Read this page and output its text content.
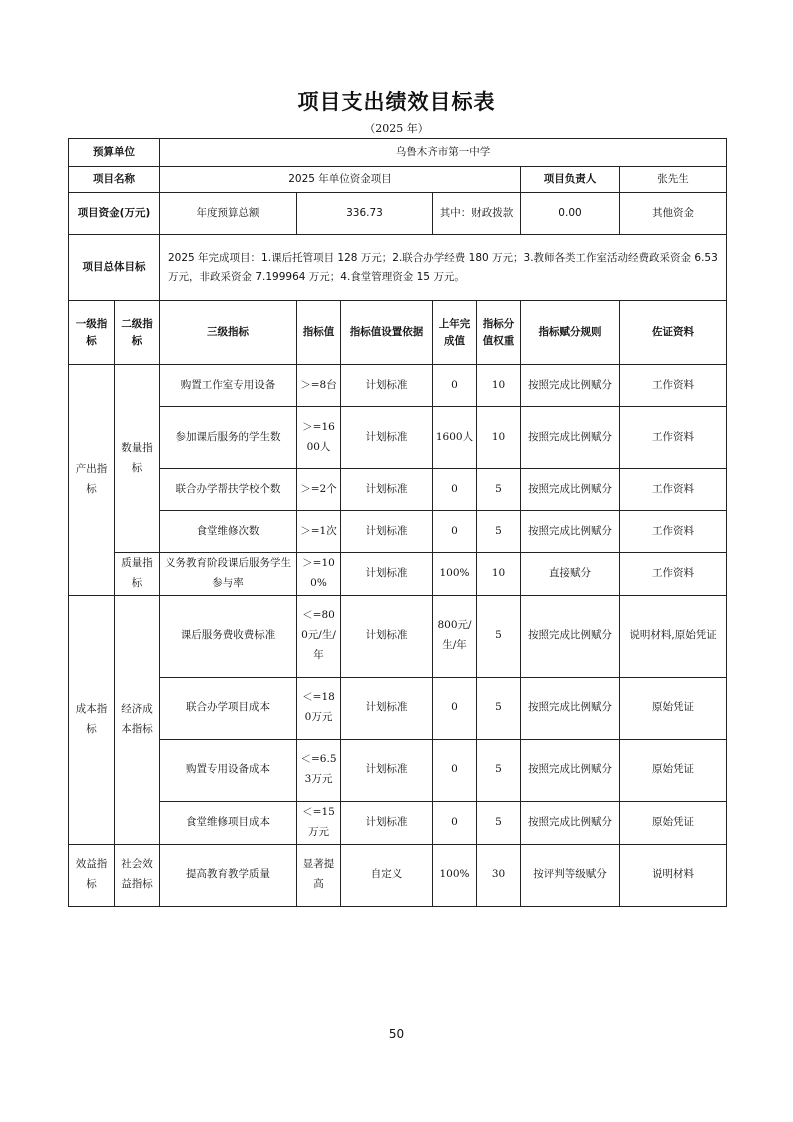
项目支出绩效目标表
（2025 年）
预算单位		乌鲁木齐市第一中学						
项目名称		2025 年单位资金项目					项目负责人	张先生
项目资金(万元)		年度预算总额	336.73		其中：财政拨款		0.00	其他资金
项目总体目标		2025 年完成项目：1.课后托管项目 128 万元；2.联合办学经费 180 万元；3.教师各类工作室活动经费政采资金 6.53 万元，非政采资金 7.199964 万元；4.食堂管理资金 15 万元。						
一级指标	二级指标	三级指标	指标值	指标值设置依据	上年完成值	指标分值权重	指标赋分规则	佐证资料
产出指标	数量指标	购置工作室专用设备	＞=8台	计划标准	0	10	按照完成比例赋分	工作资料
		参加课后服务的学生数	＞=1600人	计划标准	1600人	10	按照完成比例赋分	工作资料
		联合办学帮扶学校个数	＞=2个	计划标准	0	5	按照完成比例赋分	工作资料
		食堂维修次数	＞=1次	计划标准	0	5	按照完成比例赋分	工作资料
	质量指标	义务教育阶段课后服务学生参与率	＞=100%	计划标准	100%	10	直接赋分	工作资料
成本指标	经济成本指标	课后服务费收费标准	＜=800元/生/年	计划标准	800元/生/年	5	按照完成比例赋分	说明材料,原始凭证
		联合办学项目成本	＜=180万元	计划标准	0	5	按照完成比例赋分	原始凭证
		购置专用设备成本	＜=6.53万元	计划标准	0	5	按照完成比例赋分	原始凭证
		食堂维修项目成本	＜=15万元	计划标准	0	5	按照完成比例赋分	原始凭证
效益指标	社会效益指标	提高教育教学质量	显著提高	自定义	100%	30	按评判等级赋分	说明材料
50
